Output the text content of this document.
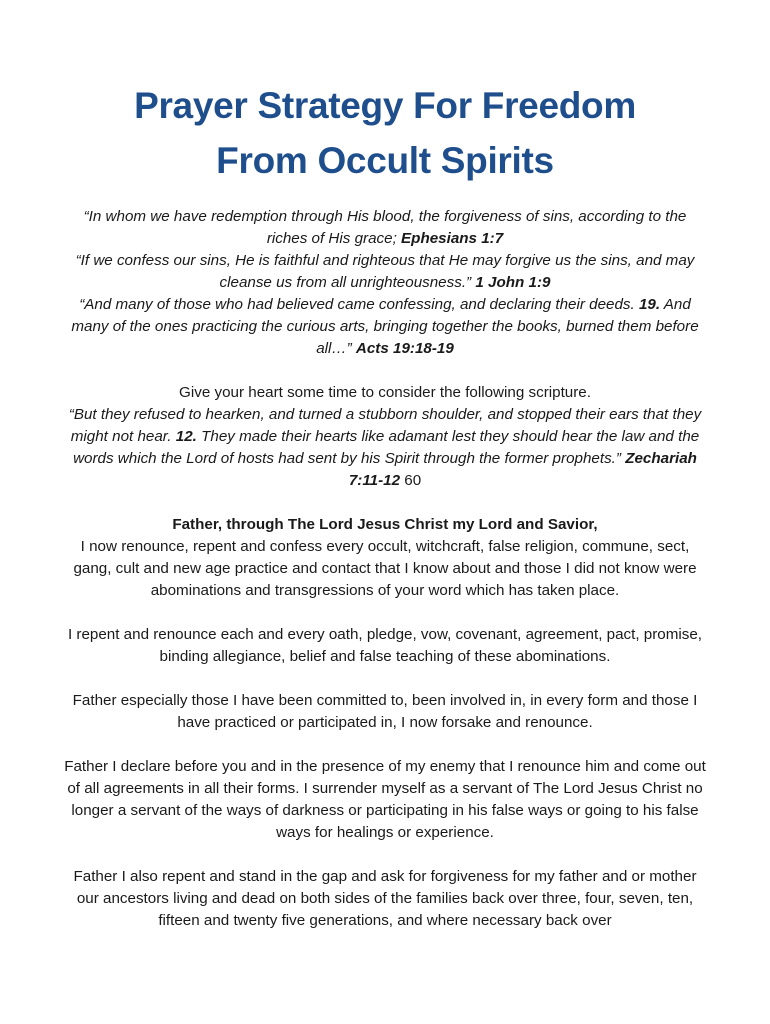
Prayer Strategy For Freedom
From Occult Spirits

“In whom we have redemption through His blood, the forgiveness of sins, according to the riches of His grace; Ephesians 1:7

“If we confess our sins, He is faithful and righteous that He may forgive us the sins, and may cleanse us from all unrighteousness.” 1 John 1:9

“And many of those who had believed came confessing, and declaring their deeds. 19. And many of the ones practicing the curious arts, bringing together the books, burned them before all…” Acts 19:18-19

Give your heart some time to consider the following scripture.

“But they refused to hearken, and turned a stubborn shoulder, and stopped their ears that they might not hear. 12. They made their hearts like adamant lest they should hear the law and the words which the Lord of hosts had sent by his Spirit through the former prophets.” Zechariah 7:11-12 60

Father, through The Lord Jesus Christ my Lord and Savior,

I now renounce, repent and confess every occult, witchcraft, false religion, commune, sect, gang, cult and new age practice and contact that I know about and those I did not know were abominations and transgressions of your word which has taken place.

I repent and renounce each and every oath, pledge, vow, covenant, agreement, pact, promise, binding allegiance, belief and false teaching of these abominations.

Father especially those I have been committed to, been involved in, in every form and those I have practiced or participated in, I now forsake and renounce.

Father I declare before you and in the presence of my enemy that I renounce him and come out of all agreements in all their forms. I surrender myself as a servant of The Lord Jesus Christ no longer a servant of the ways of darkness or participating in his false ways or going to his false ways for healings or experience.

Father I also repent and stand in the gap and ask for forgiveness for my father and or mother our ancestors living and dead on both sides of the families back over three, four, seven, ten, fifteen and twenty five generations, and where necessary back over
